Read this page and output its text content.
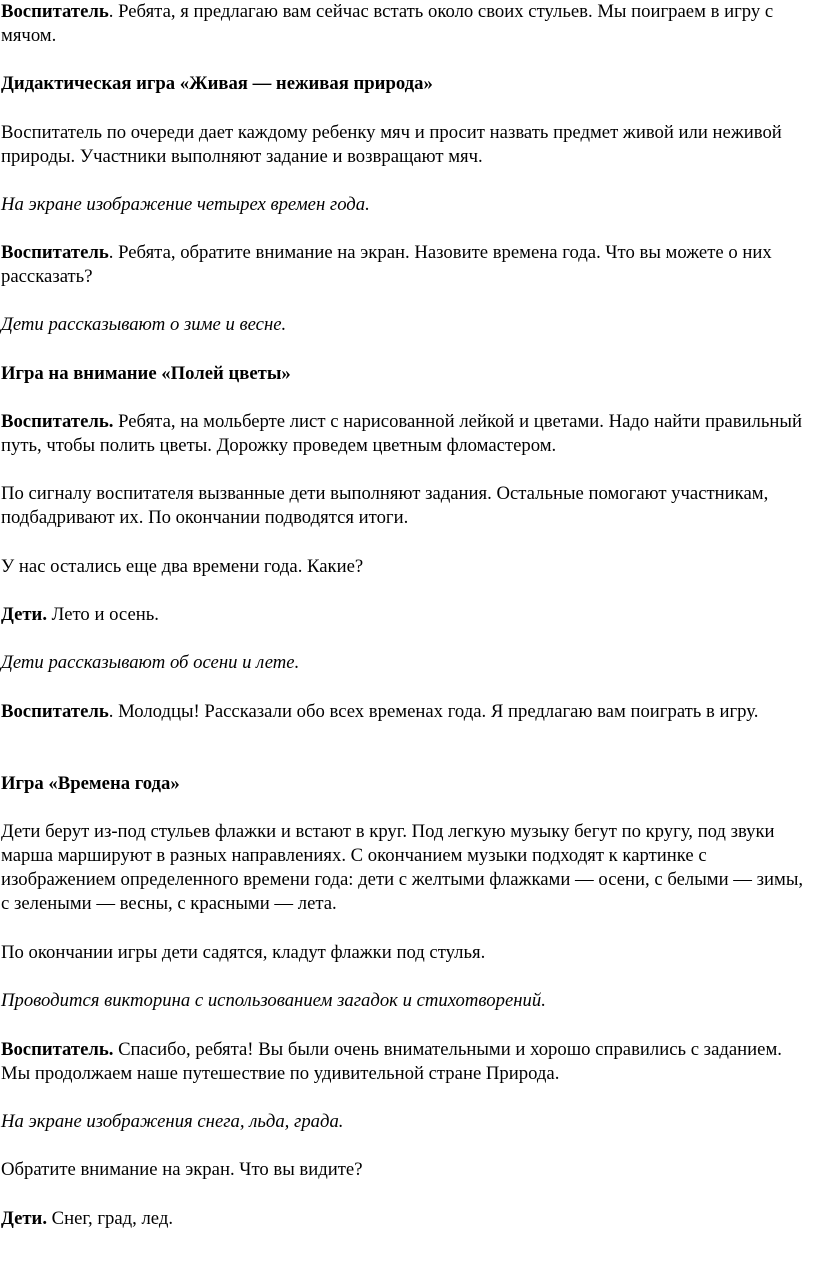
Воспитатель. Ребята, я предлагаю вам сейчас встать около своих стульев. Мы поиграем в игру с мячом.

Дидактическая игра «Живая — неживая природа»

Воспитатель по очереди дает каждому ребенку мяч и просит назвать предмет живой или неживой природы. Участники выполняют задание и возвращают мяч.

На экране изображение четырех времен года.

Воспитатель. Ребята, обратите внимание на экран. Назовите времена года. Что вы можете о них рассказать?

Дети рассказывают о зиме и весне.

Игра на внимание «Полей цветы»

Воспитатель. Ребята, на мольберте лист с нарисованной лейкой и цветами. Надо найти правильный путь, чтобы полить цветы. Дорожку проведем цветным фломастером.

По сигналу воспитателя вызванные дети выполняют задания. Остальные помогают участникам, подбадривают их. По окончании подводятся итоги.

У нас остались еще два времени года. Какие?

Дети. Лето и осень.

Дети рассказывают об осени и лете.

Воспитатель. Молодцы! Рассказали обо всех временах года. Я предлагаю вам поиграть в игру.

Игра «Времена года»

Дети берут из-под стульев флажки и встают в круг. Под легкую музыку бегут по кругу, под звуки марша маршируют в разных направлениях. С окончанием музыки подходят к картинке с изображением определенного времени года: дети с желтыми флажками — осени, с белыми — зимы, с зелеными — весны, с красными — лета.

По окончании игры дети садятся, кладут флажки под стулья.

Проводится викторина с использованием загадок и стихотворений.

Воспитатель. Спасибо, ребята! Вы были очень внимательными и хорошо справились с заданием. Мы продолжаем наше путешествие по удивительной стране Природа.

На экране изображения снега, льда, града.

Обратите внимание на экран. Что вы видите?

Дети. Снег, град, лед.
